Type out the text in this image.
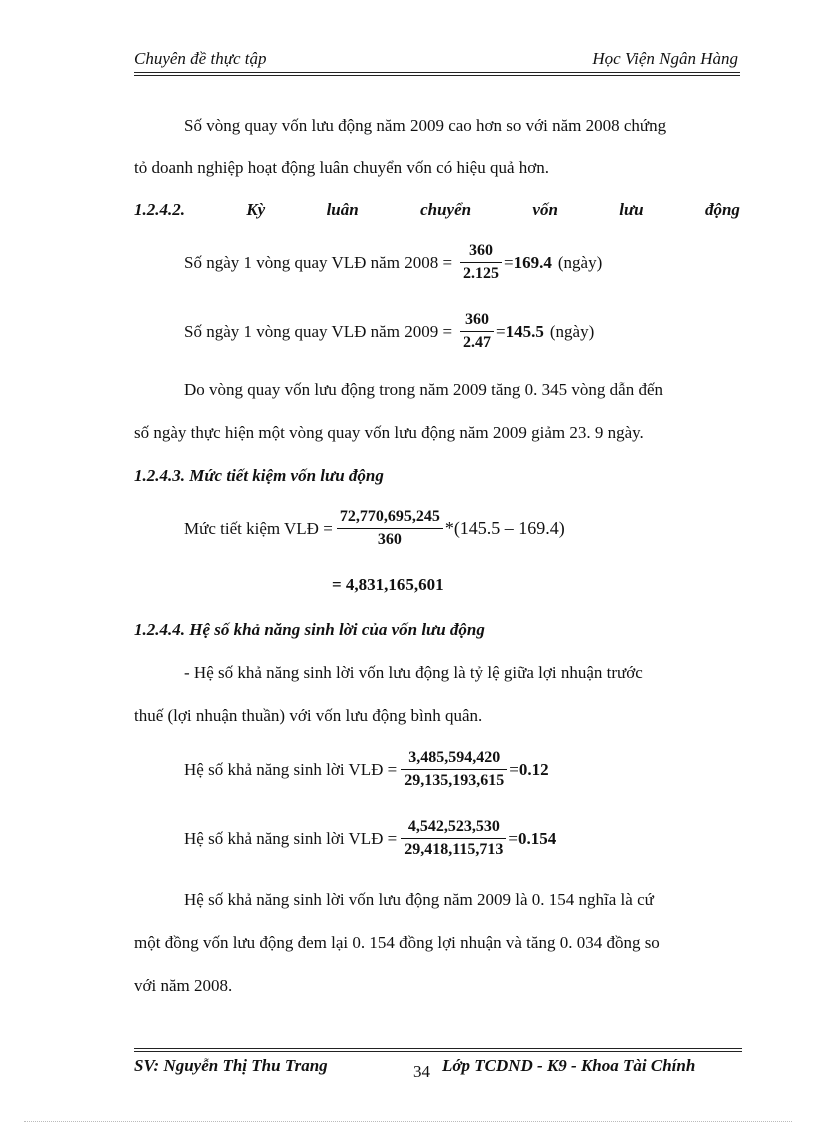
Chuyên đề thực tập	Học Viện Ngân Hàng
Số vòng quay vốn lưu động năm 2009 cao hơn so với năm 2008 chứng
tỏ doanh nghiệp hoạt động luân chuyển vốn có hiệu quả hơn.
1.2.4.2.	Kỳ	luân	chuyển	vốn	lưu	động
Số ngày 1 vòng quay VLĐ năm $2008 = \frac{360}{2.125} = 169.4$ (ngày)
Số ngày 1 vòng quay VLĐ năm $2009 = \frac{360}{2.47} = 145.5$ (ngày)
Do vòng quay vốn lưu động trong năm 2009 tăng 0. 345 vòng dẫn đến
số ngày thực hiện một vòng quay vốn lưu động năm 2009 giảm 23. 9 ngày.
1.2.4.3. Mức tiết kiệm vốn lưu động
Mức tiết kiệm VLĐ = $\frac{72,770,695,245}{360} *(145.5 - 169.4)$
= 4,831,165,601
1.2.4.4. Hệ số khả năng sinh lời của vốn lưu động
- Hệ số khả năng sinh lời vốn lưu động là tỷ lệ giữa lợi nhuận trước
thuế (lợi nhuận thuần) với vốn lưu động bình quân.
Hệ số khả năng sinh lời VLĐ = $\frac{3,485,594,420}{29,135,193,615} = 0.12$
Hệ số khả năng sinh lời VLĐ = $\frac{4,542,523,530}{29,418,115,713} = 0.154$
Hệ số khả năng sinh lời vốn lưu động năm 2009 là 0. 154 nghĩa là cứ
một đồng vốn lưu động đem lại 0. 154 đồng lợi nhuận và tăng 0. 034 đồng so
với năm 2008.
SV: Nguyễn Thị Thu Trang	34 Lớp TCDND - K9 - Khoa Tài Chính
